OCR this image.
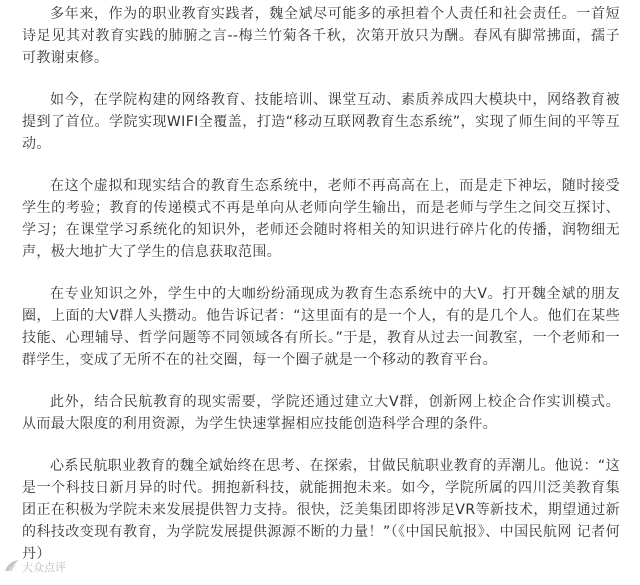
多年来，作为的职业教育实践者，魏全斌尽可能多的承担着个人责任和社会责任。一首短诗足见其对教育实践的肺腑之言--梅兰竹菊各千秋，次第开放只为酬。春风有脚常拂面，孺子可教谢束修。

如今，在学院构建的网络教育、技能培训、课堂互动、素质养成四大模块中，网络教育被提到了首位。学院实现WIFI全覆盖，打造“移动互联网教育生态系统”，实现了师生间的平等互动。

在这个虚拟和现实结合的教育生态系统中，老师不再高高在上，而是走下神坛，随时接受学生的考验；教育的传递模式不再是单向从老师向学生输出，而是老师与学生之间交互探讨、学习；在课堂学习系统化的知识外，老师还会随时将相关的知识进行碎片化的传播，润物细无声，极大地扩大了学生的信息获取范围。

在专业知识之外，学生中的大咖纷纷涌现成为教育生态系统中的大V。打开魏全斌的朋友圈，上面的大V群人头攒动。他告诉记者：“这里面有的是一个人，有的是几个人。他们在某些技能、心理辅导、哲学问题等不同领域各有所长。”于是，教育从过去一间教室，一个老师和一群学生，变成了无所不在的社交圈，每一个圈子就是一个移动的教育平台。

此外，结合民航教育的现实需要，学院还通过建立大V群，创新网上校企合作实训模式。从而最大限度的利用资源，为学生快速掌握相应技能创造科学合理的条件。

心系民航职业教育的魏全斌始终在思考、在探索，甘做民航职业教育的弄潮儿。他说：“这是一个科技日新月异的时代。拥抱新科技，就能拥抱未来。如今，学院所属的四川泛美教育集团正在积极为学院未来发展提供智力支持。很快，泛美集团即将涉足VR等新技术，期望通过新的科技改变现有教育，为学院发展提供源源不断的力量！”（《中国民航报》、中国民航网 记者何丹）

大众点评
